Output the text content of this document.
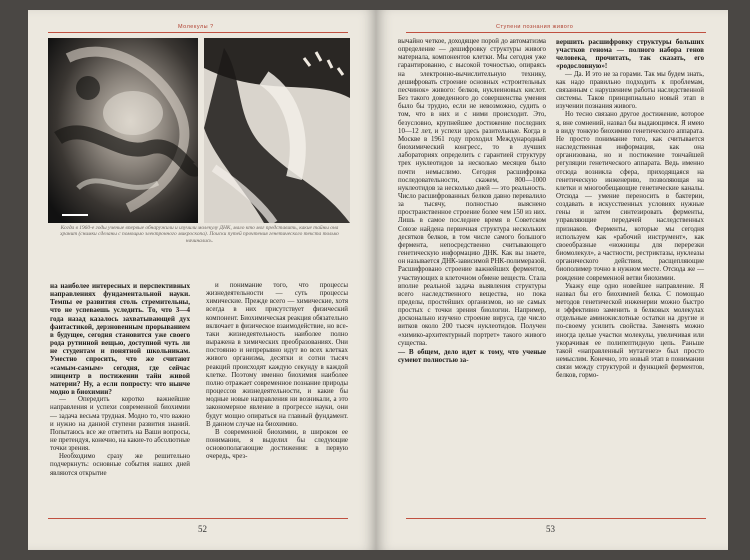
Молекулы ?
Когда в 1960-е годы ученые впервые обнаружили и изучили молекулу ДНК, мало кто мог представить, какие тайны она хранит (снимки сделаны с помощью электронного микроскопа). Поиски путей прочтения генетического текста только начинались.

на наиболее интересных и перспективных направлениях фундаментальной науки. Темпы ее развития столь стремительны, что не успеваешь уследить. То, что 3—4 года назад казалось захватывающей дух фантастикой, дерзновенным прорыванием в будущее, сегодня становится уже своего рода рутинной вещью, доступной чуть ли не студентам и понятной школьникам. Уместно спросить, что же считают «самым-самым» сегодня, где сейчас эпицентр в постижении тайн живой материи? Ну, а если попросту: что нынче модно в биохимии?

— Опередить коротко важнейшие направления и успехи современной биохимии — задача весьма трудная. Модно то, что важно и нужно на данной ступени развития знаний. Попытаюсь все же ответить на Ваши вопросы, не претендуя, конечно, на какие-то абсолютные точки зрения.

Необходимо сразу же решительно подчеркнуть: основные события наших дней являются открытие

и понимание того, что процессы жизнедеятельности — суть процессы химические. Прежде всего — химические, хотя всегда в них присутствует физический компонент. Биохимическая реакция обязательно включает в физическое взаимодействие, но все-таки жизнедеятельность наиболее полно выражена в химических преобразованиях. Они постоянно и непрерывно идут во всех клетках живого организма, десятки и сотни тысяч реакций происходят каждую секунду в каждой клетке. Поэтому именно биохимия наиболее полно отражает современное познание природы процессов жизнедеятельности, и какие бы модные новые направления ни возникали, а это закономерное явление в прогрессе науки, они будут мощно опираться на главный фундамент. В данном случае на биохимию.

В современной биохимии, в широком ее понимании, я выделил бы следующие основополагающие достижения: в первую очередь, чрез-

52
Ступени познания живого

вычайно четкое, доходящее порой до автоматизма определение — дешифровку структуры живого материала, компонентов клетки. Мы сегодня уже гарантированно, с высокой точностью, опираясь на электронно-вычислительную технику, дешифровать строение основных «строительных песчинок» живого: белков, нуклеиновых кислот. Без такого доведенного до совершенства умения было бы трудно, если не невозможно, судить о том, что в них и с ними происходит. Это, безусловно, крупнейшее достижение последних 10—12 лет, и успехи здесь разительные. Когда в Москве в 1961 году проходил Международный биохимический конгресс, то в лучших лабораториях определить с гарантией структуру трех нуклеотидов за несколько месяцев было почти немыслимо. Сегодня расшифровка последовательности, скажем, 800—1000 нуклеотидов за несколько дней — это реальность. Число расшифрованных белков давно перевалило за тысячу, полностью выяснено пространственное строение более чем 150 из них. Лишь в самое последнее время в Советском Союзе найдена первичная структура нескольких десятков белков, в том числе самого большого фермента, непосредственно считывающего генетическую информацию ДНК. Как вы знаете, он называется ДНК-зависимой РНК-полимеразой. Расшифровано строение важнейших ферментов, участвующих в клеточном обмене веществ. Стала вполне реальной задача выявления структуры всего наследственного вещества, но пока пределы, простейших организмов, но не самых простых с точки зрения биологии. Например, досконально изучено строение вируса, где число витков около 200 тысяч нуклеотидов. Получен «химико-архитектурный портрет» такого живого существа.

— В общем, дело идет к тому, что ученые сумеют полностью за-

вершить расшифровку структуры больших участков генома — полного набора генов человека, прочитать, так сказать, его «родословную»!

— Да. И это не за горами. Так мы будем знать, как надо правильно подходить к проблемам, связанным с нарушением работы наследственной системы. Таков принципиально новый этап в изучении познания живого.

Но тесно связано другое достижение, которое я, вне сомнений, назвал бы выдающимся. Я имею в виду тонкую биохимию генетического аппарата. Не просто понимание того, как считывается наследственная информация, как она организована, но и постижение тончайшей регуляции генетического аппарата. Ведь именно отсюда возникла сфера, приходящаяся на генетическую инженерию, позволяющая на клетки и многообещающие генетические каналы. Отсюда — умение переносить в бактерии, создавать в искусственных условиях нужные гены и затем синтезировать ферменты, управляющие передачей наследственных признаков. Ферменты, которые мы сегодня используем как «рабочий инструмент», как своеобразные «ножницы для перерезки биомолекул», а частности, рестриктазы, нуклеазы органического действия, расщепляющие биополимер точно в нужном месте. Отсюда же — рождение современной ветви биохимии.

Укажу еще одно новейшее направление. Я назвал бы его биохимией белка. С помощью методов генетической инженерии можно быстро и эффективно заменить в белковых молекулах отдельные аминокислотные остатки на другие и по-своему усилить свойства. Заменять можно иногда целые участки молекулы, увеличивая или укорачивая ее полипептидную цепь. Раньше такой «направленный мутагенез» был просто немыслим. Конечно, это новый этап в понимании связи между структурой и функцией ферментов, белков, гормо-

53
